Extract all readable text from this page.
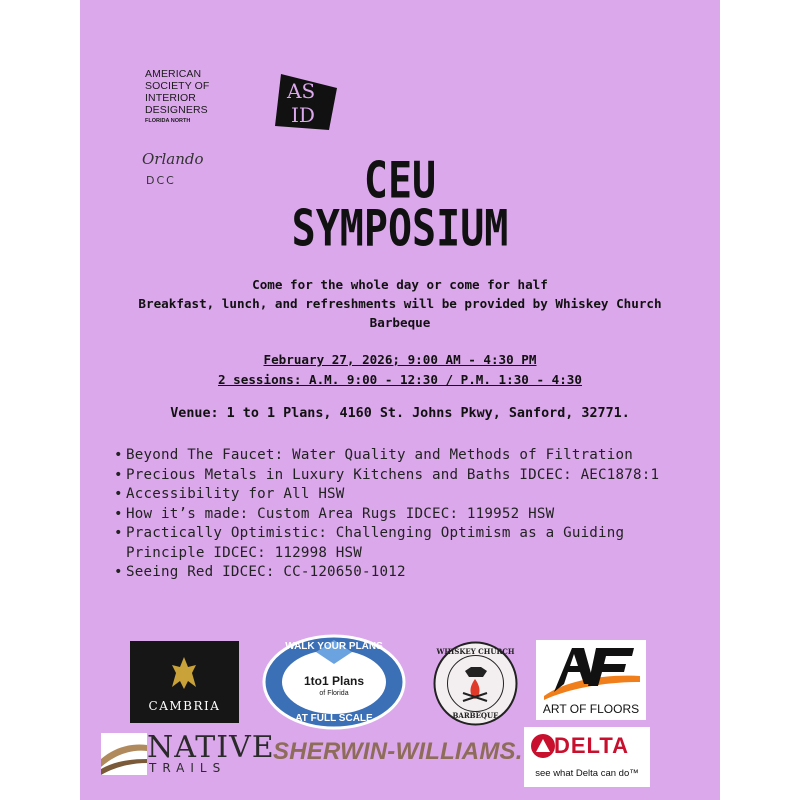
AMERICAN
SOCIETY OF
INTERIOR
DESIGNERS
FLORIDA NORTH
AS
ID
Orlando
DCC	CEU
SYMPOSIUM
Come for the whole day or come for half
Breakfast, lunch, and refreshments will be provided by Whiskey Church Barbeque
February 27, 2026; 9:00 AM - 4:30 PM
2 sessions: A.M. 9:00 - 12:30 / P.M. 1:30 - 4:30
Venue: 1 to 1 Plans, 4160 St. Johns Pkwy, Sanford, 32771.
• Beyond The Faucet: Water Quality and Methods of Filtration
• Precious Metals in Luxury Kitchens and Baths IDCEC: AEC1878:1
• Accessibility for All HSW
• How it’s made: Custom Area Rugs IDCEC: 119952 HSW
• Practically Optimistic: Challenging Optimism as a Guiding Principle IDCEC: 112998 HSW
• Seeing Red IDCEC: CC-120650-1012
CAMBRIA
WALK YOUR PLANS
1to1 Plans
of Florida
AT FULL SCALE
WHISKEY CHURCH
BARBEQUE	ART OF FLOORS
NATIVE
TRAILS
SHERWIN-WILLIAMS. DELTA
see what Delta can do™
